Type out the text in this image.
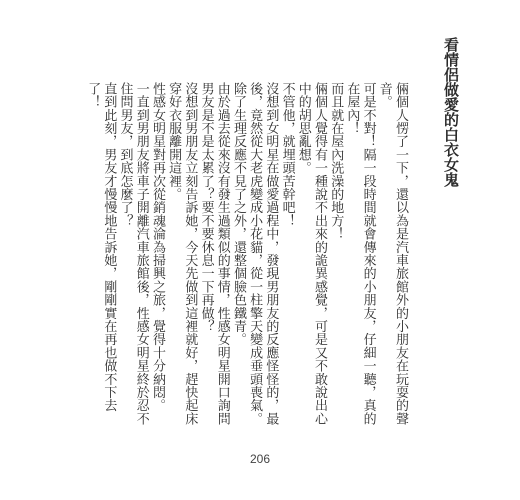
看情侶做愛的白衣女鬼

倆個人愣了一下，還以為是汽車旅館外的小朋友在玩耍的聲音。

可是不對！隔一段時間就會傳來的小朋友，仔細一聽，真的在屋內！

而且就在屋內洗澡的地方！

倆個人覺得有一種說不出來的詭異感覺，可是又不敢說出心中的胡思亂想。

不管他，就埋頭苦幹吧！

沒想到女明星在做愛過程中，發現男朋友的反應怪怪的，最後，竟然從大老虎變成小花貓，從一柱擎天變成垂頭喪氣。

除了生理反應不見了之外，還整個臉色鐵青。

由於過去從來沒有發生過類似的事情，性感女明星開口詢問男友是不是太累了？要不要休息一下再做？

沒想到男朋友立刻告訴她，今天先做到這裡就好，趕快起床穿好衣服離開這裡。

性感女明星對再次從銷魂淪為掃興之旅，覺得十分納悶。

一直到男朋友將車子開離汽車旅館後，性感女明星終於忍不住問男友，到底怎麼了？

直到此刻，男友才慢慢地告訴她，剛剛實在再也做不下去了！

206
